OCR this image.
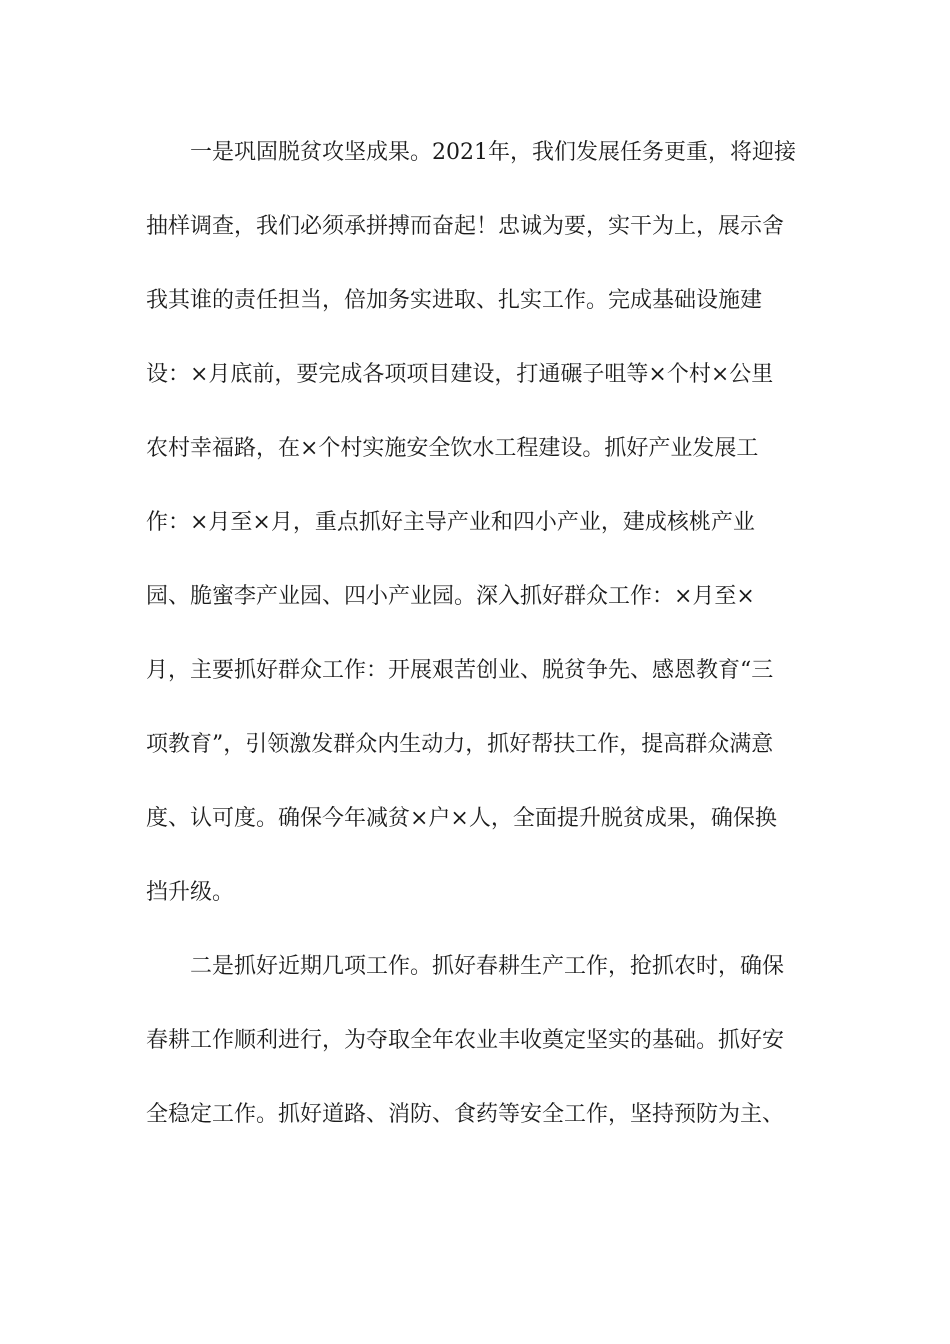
一是巩固脱贫攻坚成果。2021年，我们发展任务更重，将迎接
抽样调查，我们必须承拼搏而奋起！忠诚为要，实干为上，展示舍
我其谁的责任担当，倍加务实进取、扎实工作。完成基础设施建
设：×月底前，要完成各项项目建设，打通碾子咀等×个村×公里
农村幸福路，在×个村实施安全饮水工程建设。抓好产业发展工
作：×月至×月，重点抓好主导产业和四小产业，建成核桃产业
园、脆蜜李产业园、四小产业园。深入抓好群众工作：×月至×
月，主要抓好群众工作：开展艰苦创业、脱贫争先、感恩教育“三
项教育”，引领激发群众内生动力，抓好帮扶工作，提高群众满意
度、认可度。确保今年减贫×户×人，全面提升脱贫成果，确保换
挡升级。
二是抓好近期几项工作。抓好春耕生产工作，抢抓农时，确保
春耕工作顺利进行，为夺取全年农业丰收奠定坚实的基础。抓好安
全稳定工作。抓好道路、消防、食药等安全工作，坚持预防为主、
